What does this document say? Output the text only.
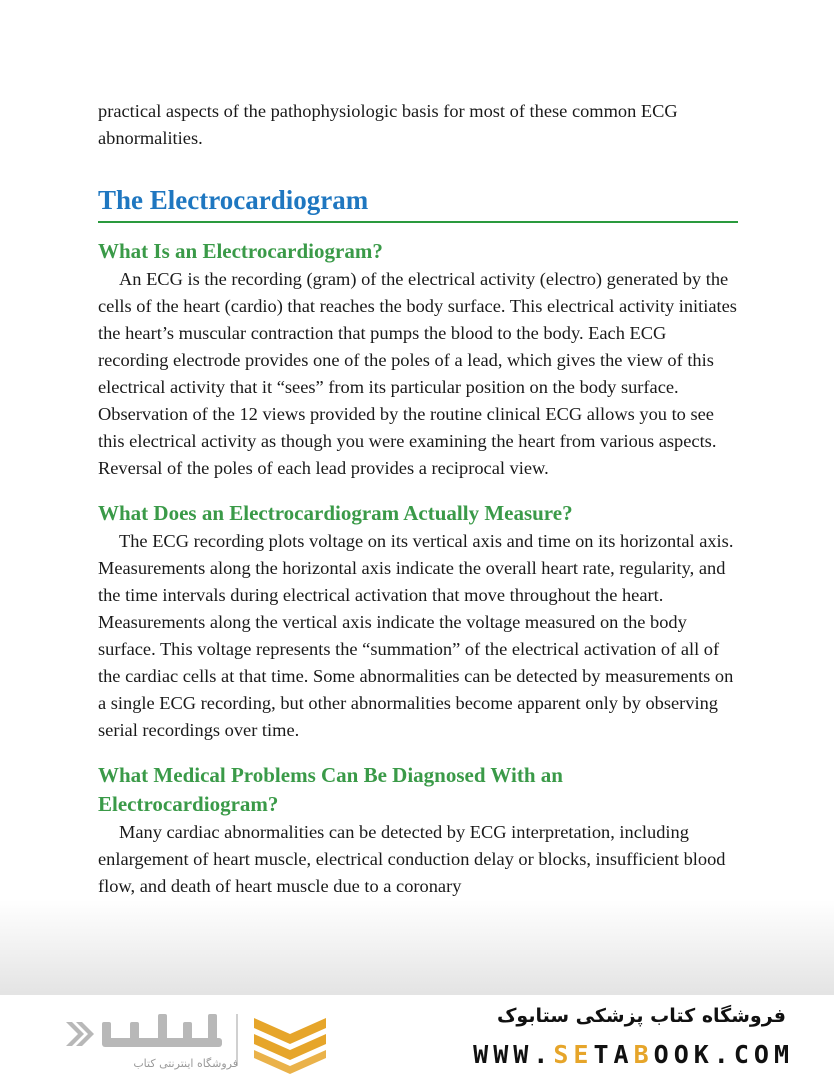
practical aspects of the pathophysiologic basis for most of these common ECG abnormalities.

The Electrocardiogram
What Is an Electrocardiogram?

An ECG is the recording (gram) of the electrical activity (electro) generated by the cells of the heart (cardio) that reaches the body surface. This electrical activity initiates the heart’s muscular contraction that pumps the blood to the body. Each ECG recording electrode provides one of the poles of a lead, which gives the view of this electrical activity that it “sees” from its particular position on the body surface. Observation of the 12 views provided by the routine clinical ECG allows you to see this electrical activity as though you were examining the heart from various aspects. Reversal of the poles of each lead provides a reciprocal view.

What Does an Electrocardiogram Actually Measure?

The ECG recording plots voltage on its vertical axis and time on its horizontal axis. Measurements along the horizontal axis indicate the overall heart rate, regularity, and the time intervals during electrical activation that move throughout the heart. Measurements along the vertical axis indicate the voltage measured on the body surface. This voltage represents the “summation” of the electrical activation of all of the cardiac cells at that time. Some abnormalities can be detected by measurements on a single ECG recording, but other abnormalities become apparent only by observing serial recordings over time.

What Medical Problems Can Be Diagnosed With an Electrocardiogram?

Many cardiac abnormalities can be detected by ECG interpretation, including enlargement of heart muscle, electrical conduction delay or blocks, insufficient blood flow, and death of heart muscle due to a coronary

فروشگاه اینترنتی کتاب
فروشگاه کتاب پزشکی ستابوک
WWW.SETABOOK.COM
